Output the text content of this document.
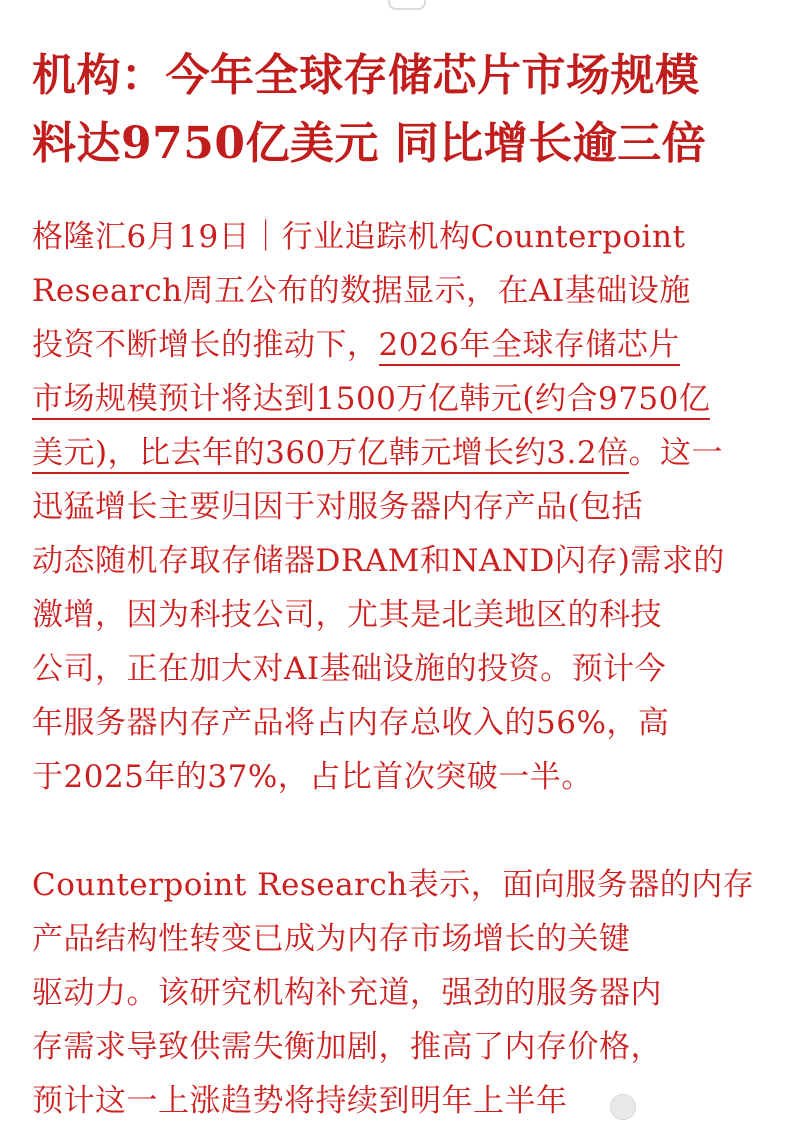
机构：今年全球存储芯片市场规模
料达9750亿美元 同比增长逾三倍
格隆汇6月19日｜行业追踪机构Counterpoint
Research周五公布的数据显示，在AI基础设施
投资不断增长的推动下，2026年全球存储芯片
市场规模预计将达到1500万亿韩元(约合9750亿
美元)，比去年的360万亿韩元增长约3.2倍。这一
迅猛增长主要归因于对服务器内存产品(包括
动态随机存取存储器DRAM和NAND闪存)需求的
激增，因为科技公司，尤其是北美地区的科技
公司，正在加大对AI基础设施的投资。预计今
年服务器内存产品将占内存总收入的56%，高
于2025年的37%，占比首次突破一半。
Counterpoint Research表示，面向服务器的内存
产品结构性转变已成为内存市场增长的关键
驱动力。该研究机构补充道，强劲的服务器内
存需求导致供需失衡加剧，推高了内存价格，
预计这一上涨趋势将持续到明年上半年
